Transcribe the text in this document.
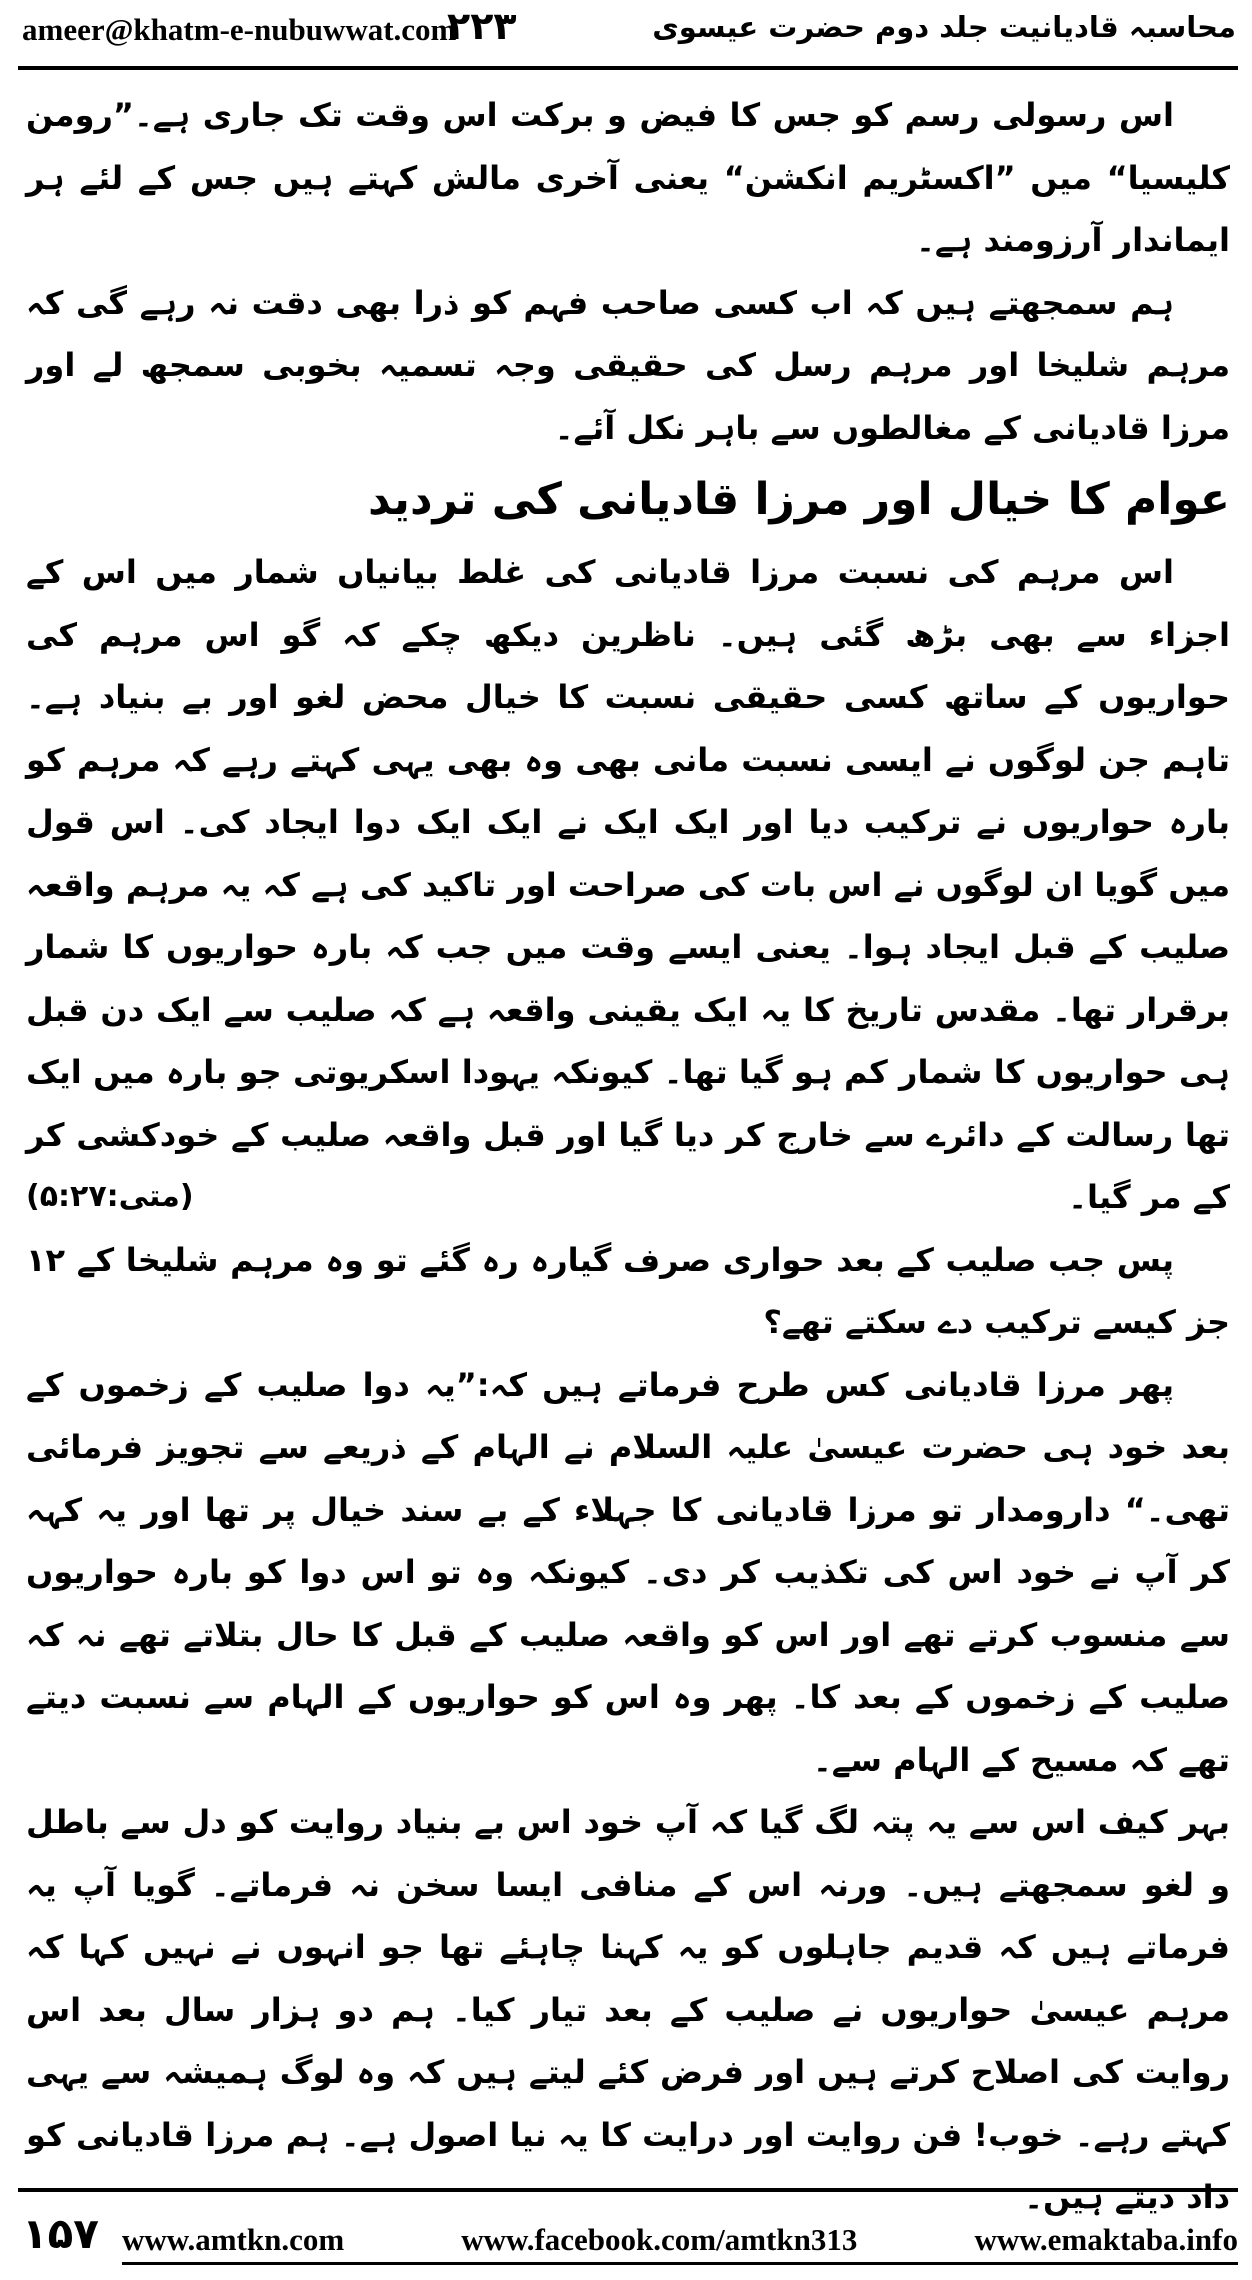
ameer@khatm-e-nubuwwat.com
۲۲۳	محاسبہ قادیانیت جلد دوم حضرت عیسوی

اس رسولی رسم کو جس کا فیض و برکت اس وقت تک جاری ہے۔”رومن کلیسیا“ میں ”اکسٹریم انکشن“ یعنی آخری مالش کہتے ہیں جس کے لئے ہر ایماندار آرزومند ہے۔

ہم سمجھتے ہیں کہ اب کسی صاحب فہم کو ذرا بھی دقت نہ رہے گی کہ مرہم شلیخا اور مرہم رسل کی حقیقی وجہ تسمیہ بخوبی سمجھ لے اور مرزا قادیانی کے مغالطوں سے باہر نکل آئے۔

عوام کا خیال اور مرزا قادیانی کی تردید

اس مرہم کی نسبت مرزا قادیانی کی غلط بیانیاں شمار میں اس کے اجزاء سے بھی بڑھ گئی ہیں۔ ناظرین دیکھ چکے کہ گو اس مرہم کی حواریوں کے ساتھ کسی حقیقی نسبت کا خیال محض لغو اور بے بنیاد ہے۔ تاہم جن لوگوں نے ایسی نسبت مانی بھی وہ بھی یہی کہتے رہے کہ مرہم کو بارہ حواریوں نے ترکیب دیا اور ایک ایک نے ایک ایک دوا ایجاد کی۔ اس قول میں گویا ان لوگوں نے اس بات کی صراحت اور تاکید کی ہے کہ یہ مرہم واقعہ صلیب کے قبل ایجاد ہوا۔ یعنی ایسے وقت میں جب کہ بارہ حواریوں کا شمار برقرار تھا۔ مقدس تاریخ کا یہ ایک یقینی واقعہ ہے کہ صلیب سے ایک دن قبل ہی حواریوں کا شمار کم ہو گیا تھا۔ کیونکہ یہودا اسکریوتی جو بارہ میں ایک تھا رسالت کے دائرے سے خارج کر دیا گیا اور قبل واقعہ صلیب کے خودکشی کر کے مر گیا۔
(متی:۵:۲۷)

پس جب صلیب کے بعد حواری صرف گیارہ رہ گئے تو وہ مرہم شلیخا کے ۱۲ جز کیسے ترکیب دے سکتے تھے؟

پھر مرزا قادیانی کس طرح فرماتے ہیں کہ:”یہ دوا صلیب کے زخموں کے بعد خود ہی حضرت عیسیٰ علیہ السلام نے الہام کے ذریعے سے تجویز فرمائی تھی۔“ دارومدار تو مرزا قادیانی کا جہلاء کے بے سند خیال پر تھا اور یہ کہہ کر آپ نے خود اس کی تکذیب کر دی۔ کیونکہ وہ تو اس دوا کو بارہ حواریوں سے منسوب کرتے تھے اور اس کو واقعہ صلیب کے قبل کا حال بتلاتے تھے نہ کہ صلیب کے زخموں کے بعد کا۔ پھر وہ اس کو حواریوں کے الہام سے نسبت دیتے تھے کہ مسیح کے الہام سے۔

بہر کیف اس سے یہ پتہ لگ گیا کہ آپ خود اس بے بنیاد روایت کو دل سے باطل و لغو سمجھتے ہیں۔ ورنہ اس کے منافی ایسا سخن نہ فرماتے۔ گویا آپ یہ فرماتے ہیں کہ قدیم جاہلوں کو یہ کہنا چاہئے تھا جو انہوں نے نہیں کہا کہ مرہم عیسیٰ حواریوں نے صلیب کے بعد تیار کیا۔ ہم دو ہزار سال بعد اس روایت کی اصلاح کرتے ہیں اور فرض کئے لیتے ہیں کہ وہ لوگ ہمیشہ سے یہی کہتے رہے۔ خوب! فن روایت اور درایت کا یہ نیا اصول ہے۔ ہم مرزا قادیانی کو داد دیتے ہیں۔

۱۵۷ www.amtkn.com	www.facebook.com/amtkn313	www.emaktaba.info
